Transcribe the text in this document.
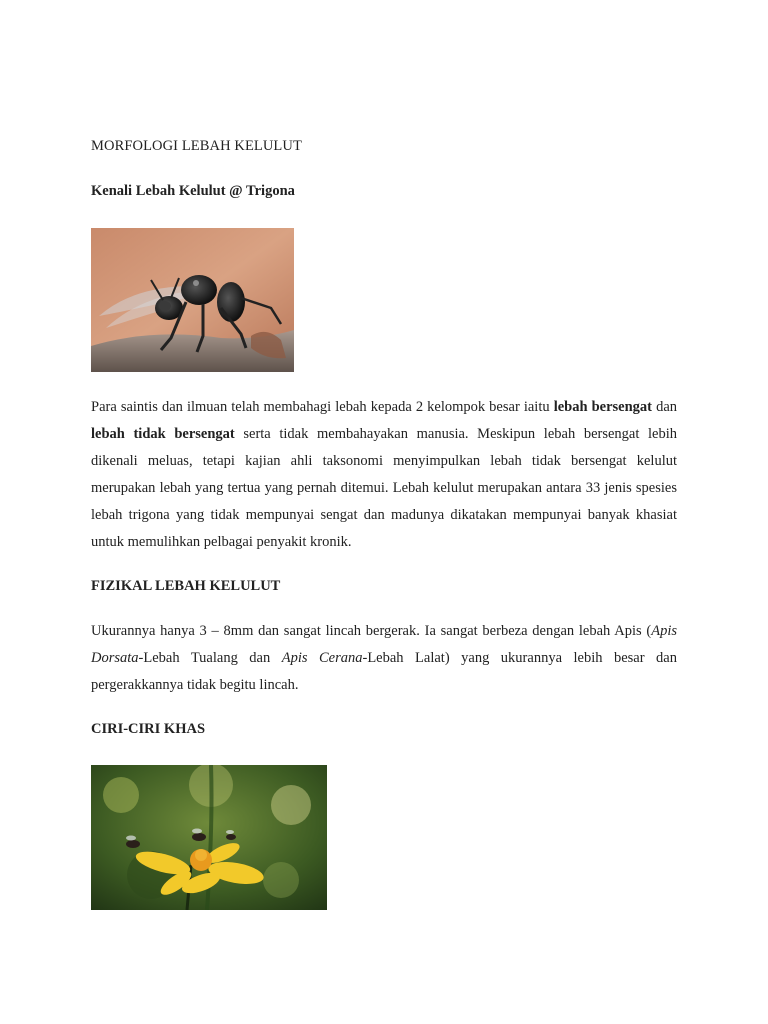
MORFOLOGI LEBAH KELULUT
Kenali Lebah Kelulut @ Trigona

Para saintis dan ilmuan telah membahagi lebah kepada 2 kelompok besar iaitu lebah bersengat dan lebah tidak bersengat serta tidak membahayakan manusia. Meskipun lebah bersengat lebih dikenali meluas, tetapi kajian ahli taksonomi menyimpulkan lebah tidak bersengat kelulut merupakan lebah yang tertua yang pernah ditemui. Lebah kelulut merupakan antara 33 jenis spesies lebah trigona yang tidak mempunyai sengat dan madunya dikatakan mempunyai banyak khasiat untuk memulihkan pelbagai penyakit kronik.

FIZIKAL LEBAH KELULUT

Ukurannya hanya 3 – 8mm dan sangat lincah bergerak. Ia sangat berbeza dengan lebah Apis (Apis Dorsata-Lebah Tualang dan Apis Cerana-Lebah Lalat) yang ukurannya lebih besar dan pergerakkannya tidak begitu lincah.

CIRI-CIRI KHAS
